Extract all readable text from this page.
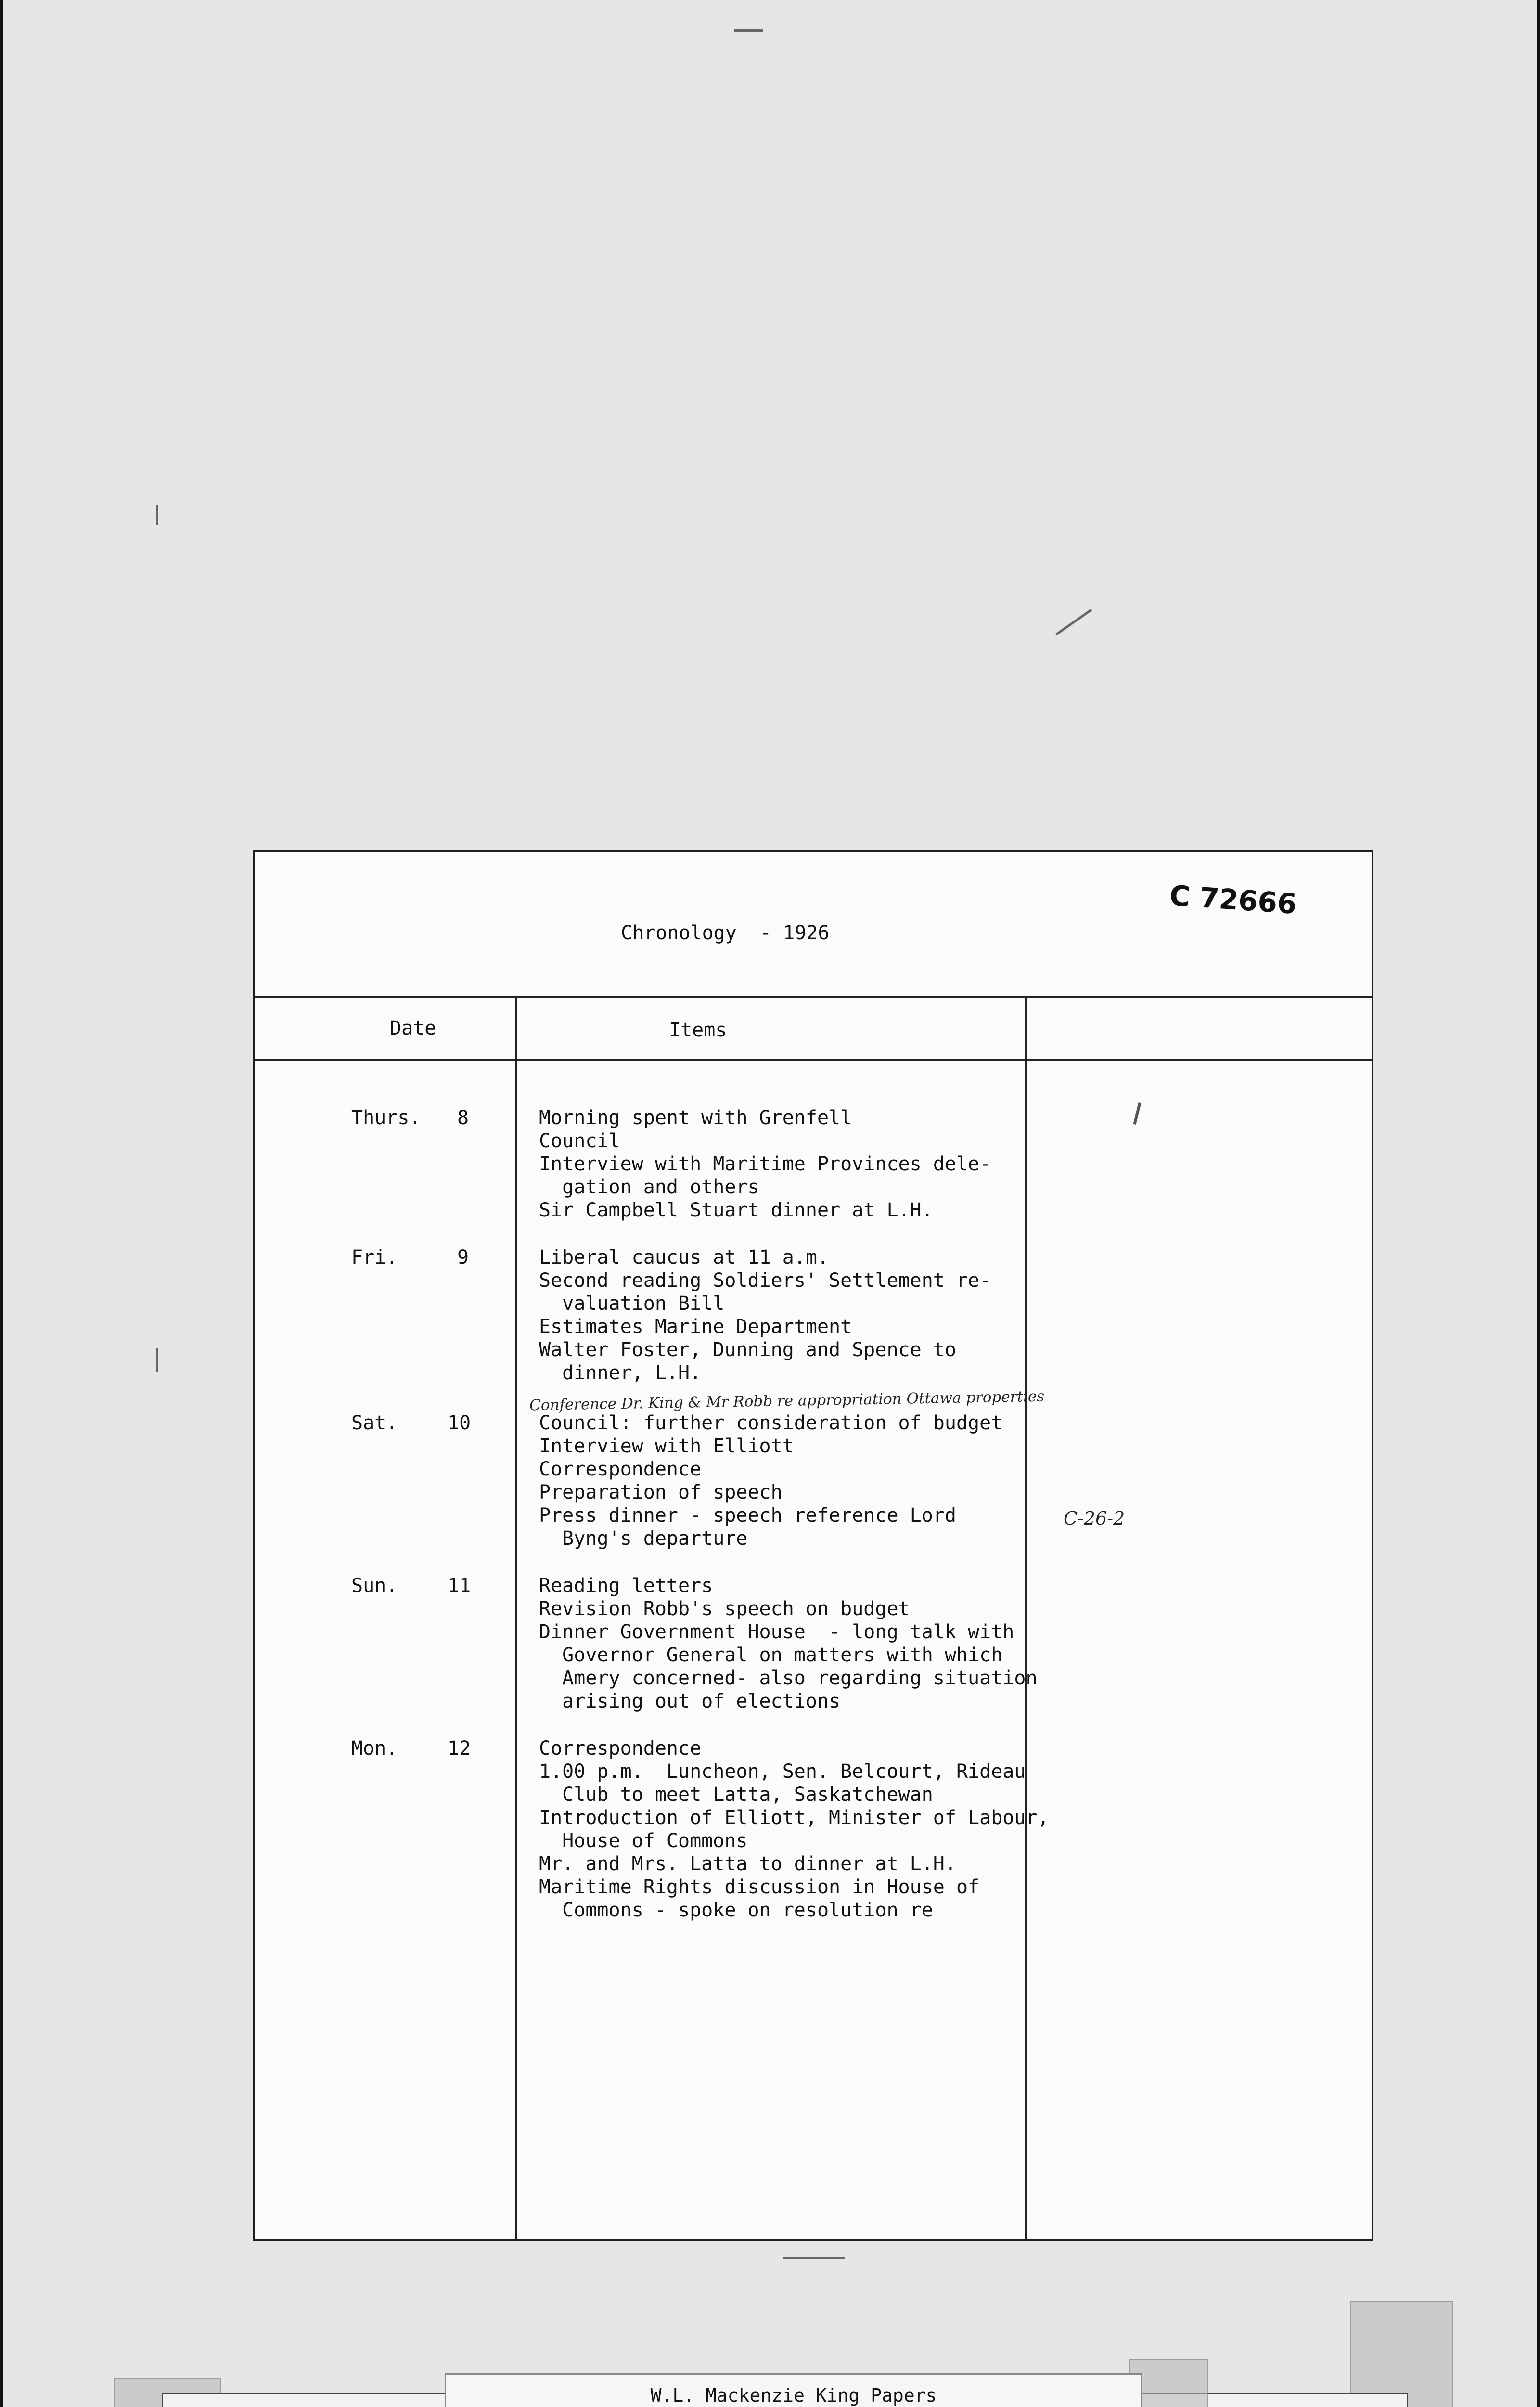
Chronology  - 1926
C 72666
Date	Items
Thurs. 8	Morning spent with Grenfell
Council
Interview with Maritime Provinces dele-
gation and others
Sir Campbell Stuart dinner at L.H.
Fri.	9	Liberal caucus at 11 a.m.
Second reading Soldiers' Settlement re-
valuation Bill
Estimates Marine Department
Walter Foster, Dunning and Spence to
dinner, L.H.
Conference Dr. King & Mr Robb re appropriation Ottawa properties
Sat.	10	Council: further consideration of budget
Interview with Elliott
Correspondence
Preparation of speech
Press dinner - speech reference Lord
Byng's departure
C-26-2
Sun.	11	Reading letters
Revision Robb's speech on budget
Dinner Government House  - long talk with
Governor General on matters with which
Amery concerned- also regarding situation
arising out of elections
Mon.	12	Correspondence
1.00 p.m.  Luncheon, Sen. Belcourt, Rideau
Club to meet Latta, Saskatchewan
Introduction of Elliott, Minister of Labour,
House of Commons
Mr. and Mrs. Latta to dinner at L.H.
Maritime Rights discussion in House of
Commons - spoke on resolution re
W.L. Mackenzie King Papers
